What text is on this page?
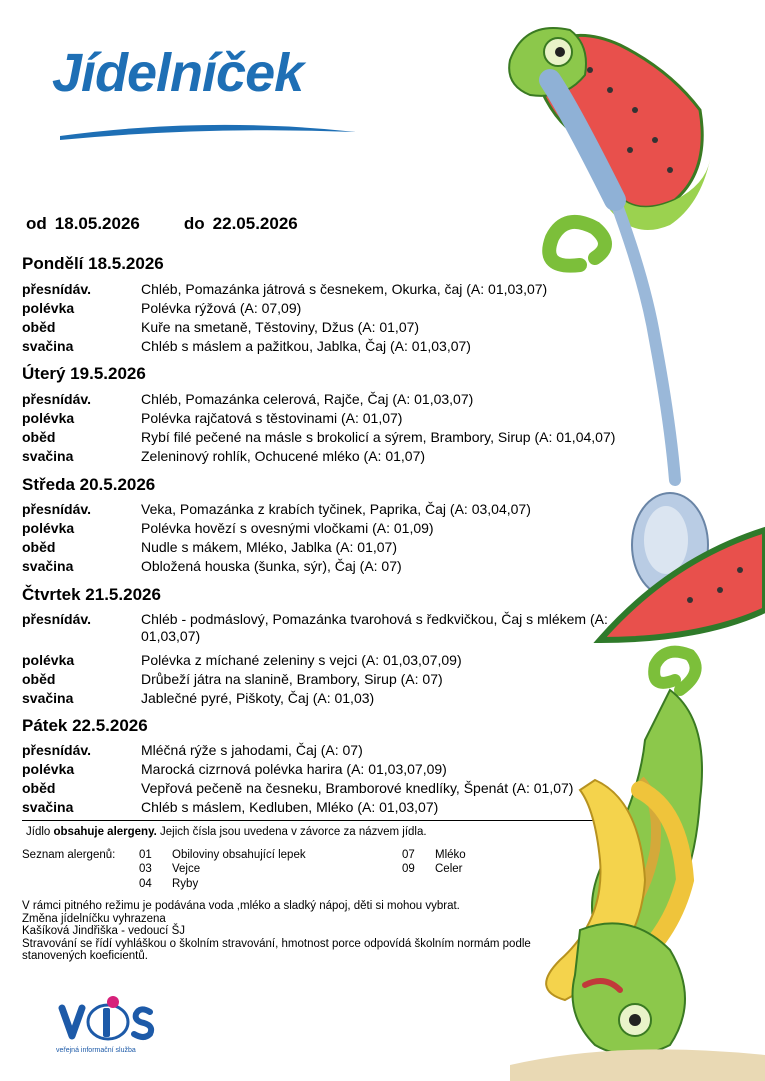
Jídelníček
od 18.05.2026	do 22.05.2026
Pondělí 18.5.2026
přesnídáv.	Chléb, Pomazánka játrová s česnekem, Okurka, čaj (A: 01,03,07)
polévka	Polévka rýžová (A: 07,09)
oběd	Kuře na smetaně, Těstoviny, Džus (A: 01,07)
svačina	Chléb s máslem a pažitkou, Jablka, Čaj (A: 01,03,07)
Úterý 19.5.2026
přesnídáv.	Chléb, Pomazánka celerová, Rajče, Čaj (A: 01,03,07)
polévka	Polévka rajčatová s těstovinami (A: 01,07)
oběd	Rybí filé pečené na másle s brokolicí a sýrem, Brambory, Sirup (A: 01,04,07)
svačina	Zeleninový rohlík, Ochucené mléko (A: 01,07)
Středa 20.5.2026
přesnídáv.	Veka, Pomazánka z krabích tyčinek, Paprika, Čaj (A: 03,04,07)
polévka	Polévka hovězí s ovesnými vločkami (A: 01,09)
oběd	Nudle s mákem, Mléko, Jablka (A: 01,07)
svačina	Obložená houska (šunka, sýr), Čaj (A: 07)
Čtvrtek 21.5.2026
přesnídáv.	Chléb - podmáslový, Pomazánka tvarohová s ředkvičkou, Čaj s mlékem (A: 01,03,07)
polévka	Polévka z míchané zeleniny s vejci (A: 01,03,07,09)
oběd	Drůbeží játra na slanině, Brambory, Sirup (A: 07)
svačina	Jablečné pyré, Piškoty, Čaj (A: 01,03)
Pátek 22.5.2026
přesnídáv.	Mléčná rýže s jahodami, Čaj (A: 07)
polévka	Marocká cizrnová polévka harira (A: 01,03,07,09)
oběd	Vepřová pečeně na česneku, Bramborové knedlíky, Špenát (A: 01,07)
svačina	Chléb s máslem, Kedluben, Mléko (A: 01,03,07)
Jídlo obsahuje alergeny. Jejich čísla jsou uvedena v závorce za názvem jídla.
Seznam alergenů: 01 Obiloviny obsahující lepek
03 Vejce
04 Ryby
07 Mléko
09 Celer
V rámci pitného režimu je podávána voda ,mléko a sladký nápoj, děti si mohou vybrat.
Změna jídelníčku vyhrazena
Kašíková Jindřiška - vedoucí ŠJ
Stravování se řídí vyhláškou o školním stravování, hmotnost porce odpovídá školním normám podle
stanovených koeficientů.
veřejná informační služba
